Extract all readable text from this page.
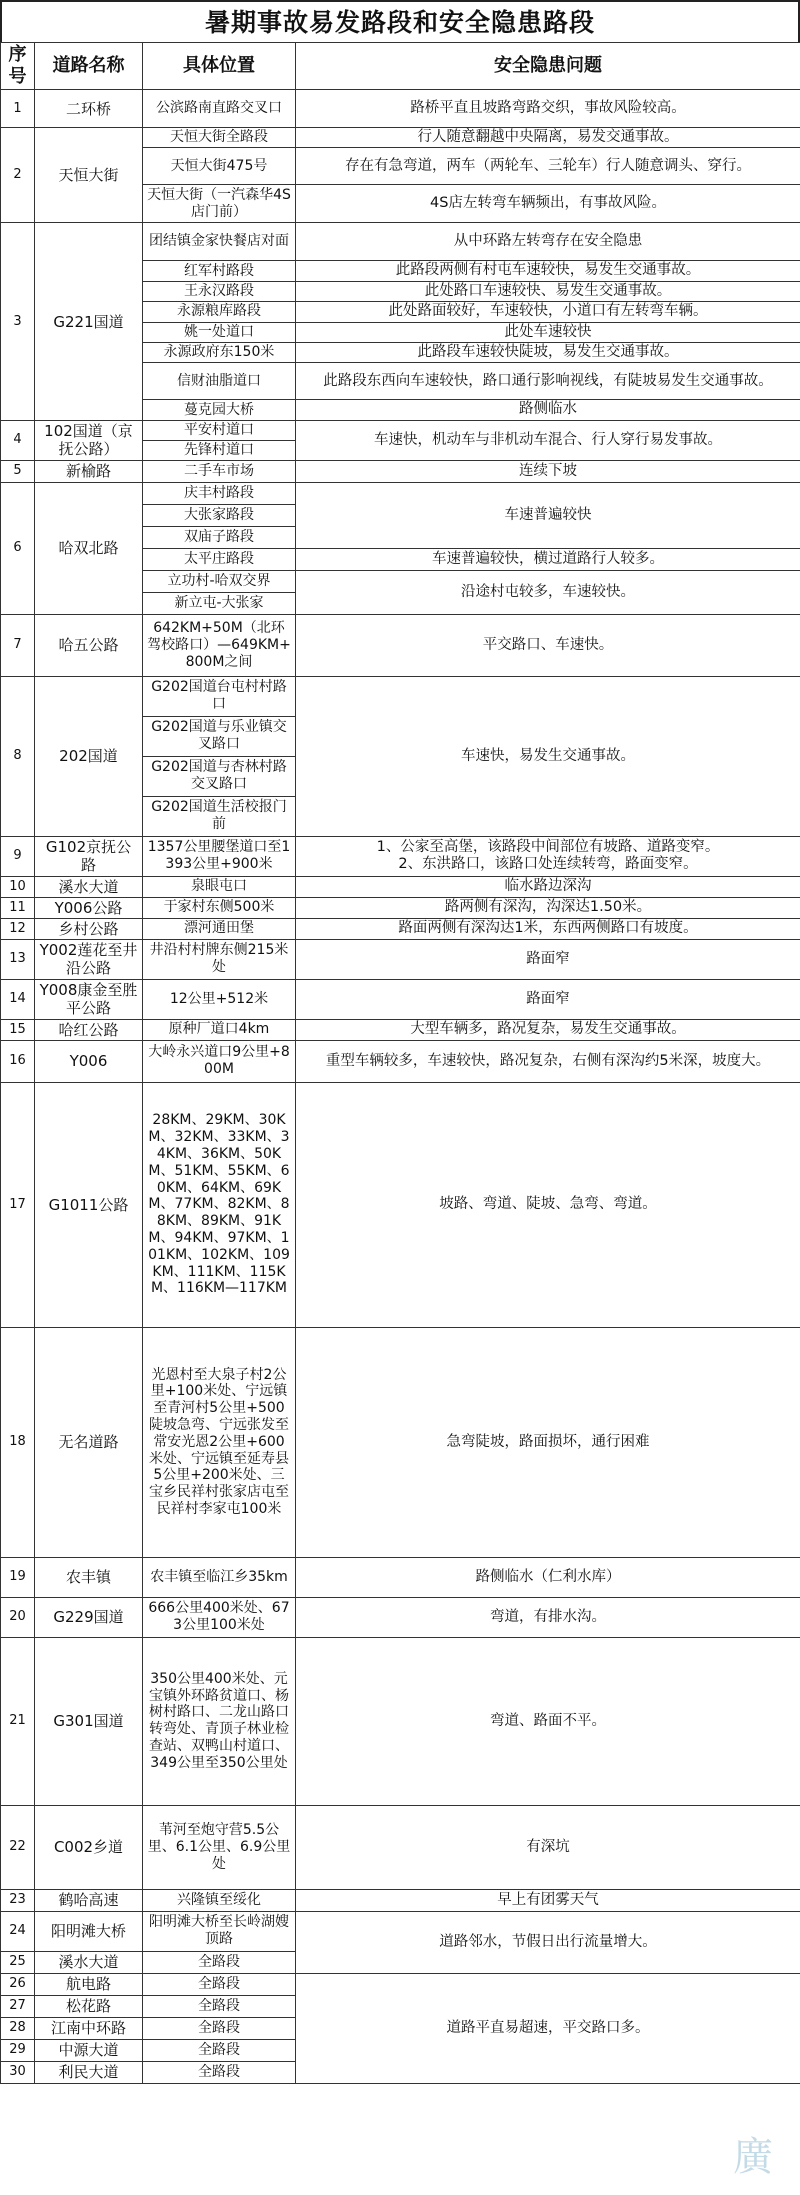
暑期事故易发路段和安全隐患路段
序号	道路名称	具体位置	安全隐患问题
1	二环桥	公滨路南直路交叉口	路桥平直且坡路弯路交织，事故风险较高。
2	天恒大街	天恒大街全路段	行人随意翻越中央隔离，易发交通事故。
		天恒大街475号	存在有急弯道，两车（两轮车、三轮车）行人随意调头、穿行。
		天恒大街（一汽森华4S店门前）	4S店左转弯车辆频出，有事故风险。
3	G221国道	团结镇金家快餐店对面	从中环路左转弯存在安全隐患
		红军村路段	此路段两侧有村屯车速较快，易发生交通事故。
		王永汉路段	此处路口车速较快、易发生交通事故。
		永源粮库路段	此处路面较好，车速较快，小道口有左转弯车辆。
		姚一处道口	此处车速较快
		永源政府东150米	此路段车速较快陡坡，易发生交通事故。
		信财油脂道口	此路段东西向车速较快，路口通行影响视线，有陡坡易发生交通事故。
		蔓克园大桥	路侧临水
4	102国道（京抚公路）	平安村道口	车速快，机动车与非机动车混合、行人穿行易发事故。
		先锋村道口	
5	新榆路	二手车市场	连续下坡
6	哈双北路	庆丰村路段	车速普遍较快
		大张家路段	
		双庙子路段	
		太平庄路段	车速普遍较快，横过道路行人较多。
		立功村-哈双交界	沿途村屯较多，车速较快。
		新立屯-大张家	
7	哈五公路	642KM+50M（北环驾校路口）—649KM+800M之间	平交路口、车速快。
8	202国道	G202国道台屯村村路口	车速快，易发生交通事故。
		G202国道与乐业镇交叉路口	
		G202国道与杏林村路交叉路口	
		G202国道生活校报门前	
9	G102京抚公路	1357公里腰堡道口至1393公里+900米	1、公家至高堡，该路段中间部位有坡路、道路变窄。
2、东洪路口，该路口处连续转弯，路面变窄。

10	溪水大道	泉眼屯口	临水路边深沟
11	Y006公路	于家村东侧500米	路两侧有深沟，沟深达1.50米。
12	乡村公路	漂河通田堡	路面两侧有深沟达1米，东西两侧路口有坡度。
13	Y002莲花至井沿公路	井沿村村牌东侧215米处	路面窄
14	Y008康金至胜平公路	12公里+512米	路面窄
15	哈红公路	原种厂道口4km	大型车辆多，路况复杂，易发生交通事故。
16	Y006	大岭永兴道口9公里+800M	重型车辆较多，车速较快，路况复杂，右侧有深沟约5米深，坡度大。
17	G1011公路	28KM、29KM、30KM、32KM、33KM、34KM、36KM、50KM、51KM、55KM、60KM、64KM、69KM、77KM、82KM、88KM、89KM、91KM、94KM、97KM、101KM、102KM、109KM、111KM、115KM、116KM—117KM	坡路、弯道、陡坡、急弯、弯道。
18	无名道路	光恩村至大泉子村2公里+100米处、宁远镇至青河村5公里+500陡坡急弯、宁远张发至常安光恩2公里+600米处、宁远镇至延寿县5公里+200米处、三宝乡民祥村张家店屯至民祥村李家屯100米	急弯陡坡，路面损坏，通行困难
19	农丰镇	农丰镇至临江乡35km	路侧临水（仁利水库）
20	G229国道	666公里400米处、673公里100米处	弯道，有排水沟。
21	G301国道	350公里400米处、元宝镇外环路贫道口、杨树村路口、二龙山路口转弯处、青顶子林业检查站、双鸭山村道口、349公里至350公里处	弯道、路面不平。
22	C002乡道	苇河至炮守营5.5公里、6.1公里、6.9公里处	有深坑
23	鹤哈高速	兴隆镇至绥化	早上有团雾天气
24	阳明滩大桥	阳明滩大桥至长岭湖嫂顶路	道路邻水，节假日出行流量增大。
25	溪水大道	全路段	
26	航电路	全路段	道路平直易超速，平交路口多。
27	松花路	全路段	
28	江南中环路	全路段	
29	中源大道	全路段	
30	利民大道	全路段	
廣
